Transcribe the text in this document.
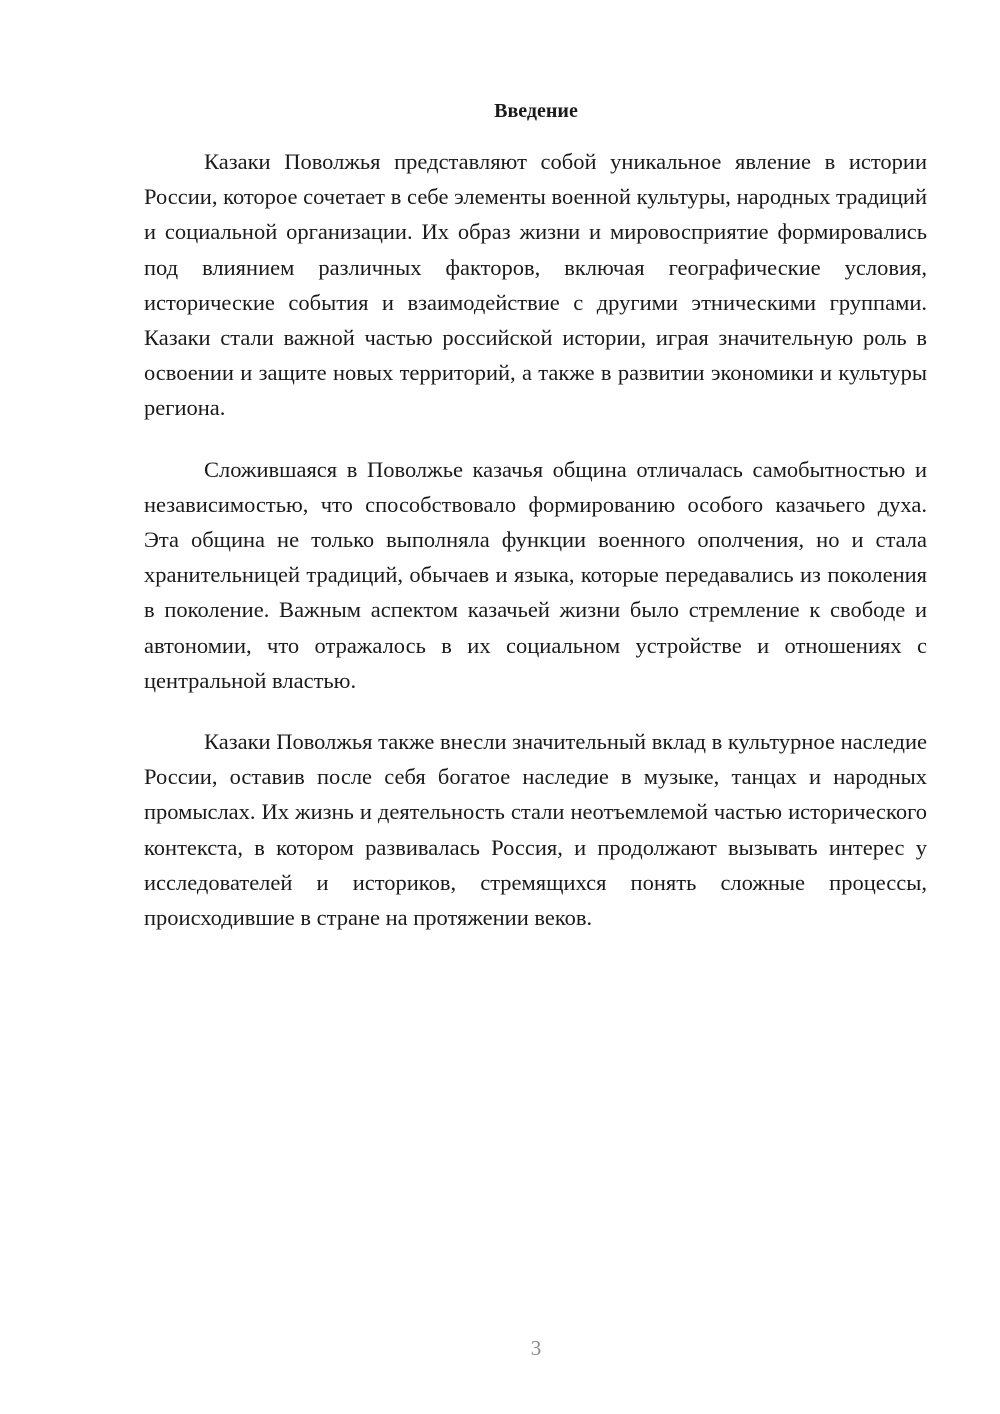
Введение

Казаки Поволжья представляют собой уникальное явление в истории России, которое сочетает в себе элементы военной культуры, народных традиций и социальной организации. Их образ жизни и мировосприятие формировались под влиянием различных факторов, включая географические условия, исторические события и взаимодействие с другими этническими группами. Казаки стали важной частью российской истории, играя значительную роль в освоении и защите новых территорий, а также в развитии экономики и культуры региона.

Сложившаяся в Поволжье казачья община отличалась самобытностью и независимостью, что способствовало формированию особого казачьего духа. Эта община не только выполняла функции военного ополчения, но и стала хранительницей традиций, обычаев и языка, которые передавались из поколения в поколение. Важным аспектом казачьей жизни было стремление к свободе и автономии, что отражалось в их социальном устройстве и отношениях с центральной властью.

Казаки Поволжья также внесли значительный вклад в культурное наследие России, оставив после себя богатое наследие в музыке, танцах и народных промыслах. Их жизнь и деятельность стали неотъемлемой частью исторического контекста, в котором развивалась Россия, и продолжают вызывать интерес у исследователей и историков, стремящихся понять сложные процессы, происходившие в стране на протяжении веков.

3
